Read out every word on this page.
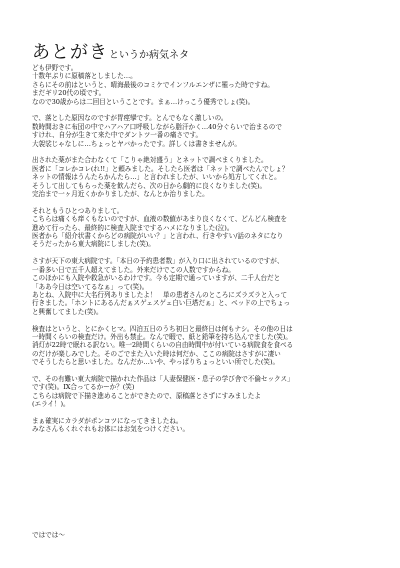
あとがきというか病気ネタ
ども伊野です。
十数年ぶりに原稿落としました…。
さらにその前はというと、晴海最後のコミケでインフルエンザに罹った時ですね。
まだギリ20代の頃です。
なので30歳からは二回目ということです。まぁ…けっこう優秀でしょ(笑)。
で、落とした原因なのですが胃痙攣です。とんでもなく激しいの。
数時間おきに布団の中でハアハア口呼吸しながら脂汗かく…40分ぐらいで治まるので
すけれ、自分が生きて来た中でダントツ一番の痛さです。
大袈裟じゃなしに…ちょっとヤバかったです。詳しくは書きませんが。
出された薬がまた合わなくて「こりゃ絶対盛う」とネットで調べまくりました。
医者に「コレかコレ(れ!!」と頼みました。そしたら医者は「ネットで調べたんでしょ？
ネットの情報はうんたらかんたら…」と言われましたが、いいから処方してくれと。
そうして出してもらった薬を飲んだら、次の日から劇的に良くなりました(笑)。
完治まで一ヶ月近くかかりましたが、なんとか治りました。
それともうひとつありまして。
こちらは痛くも痒くもないのですが、血液の数値があまり良くなくて、どんどん検査を
進めて行ったら、最終的に検査入院までするハメになりました(泣)。
医者から「紹介状書くからどの病院がいい？」と言われ、行きやすい/話のネタになり
そうだったから東大病院にしました(笑)。
さすが天下の東大病院です。「本日の予約患者数」が入り口に出されているのですが、
一番多い日で五千人超えてました。外来だけでこの人数ですからね。
このほかにも入院や救急がいるわけです。今も定期で通っていますが、二千人台だと
「ああ今日は空いてるなぁ」って(笑)。
あとね、入院中に大名行列ありましたよ！　単の患者さんのところにズラズラと入って
行きました。「ホントにあるんだぁスゲェスゲェ白い巨塔だぁ」と、ベッドの上でちょっ
と興奮してました(笑)。
検査はというと、とにかくヒマ。四泊五日のうち初日と最終日は何もナシ。その他の日は
一時間くらいの検査だけ。外出も禁止。なんで暇で、紙と鉛筆を持ち込んでました(笑)。
消灯が22時で眠れる訳ない。唯一2時間くらいの自由時間中が付いている病院食を食べる
のだけが楽しみでした。そのごでまた入いた時は何だか、ここの病院はさすがに凄い
でそうしたらと思いました。なんだか…いや、やっぱりちょっといい所でした(笑)。
で、その有難い東大病院で描かれた作品は「人妻保健医・息子の学び舎で不倫セックス」
です(笑)。IX合ってるかーか？(笑)
こちらは病院で下描き進めることができたので、原稿落とさずにすみましたよ
(エライ！)。
まぁ確実にカラダがポンコツになってきましたね。
みなさんもくれぐれもお体にはお気をつけください。
ではでは〜
